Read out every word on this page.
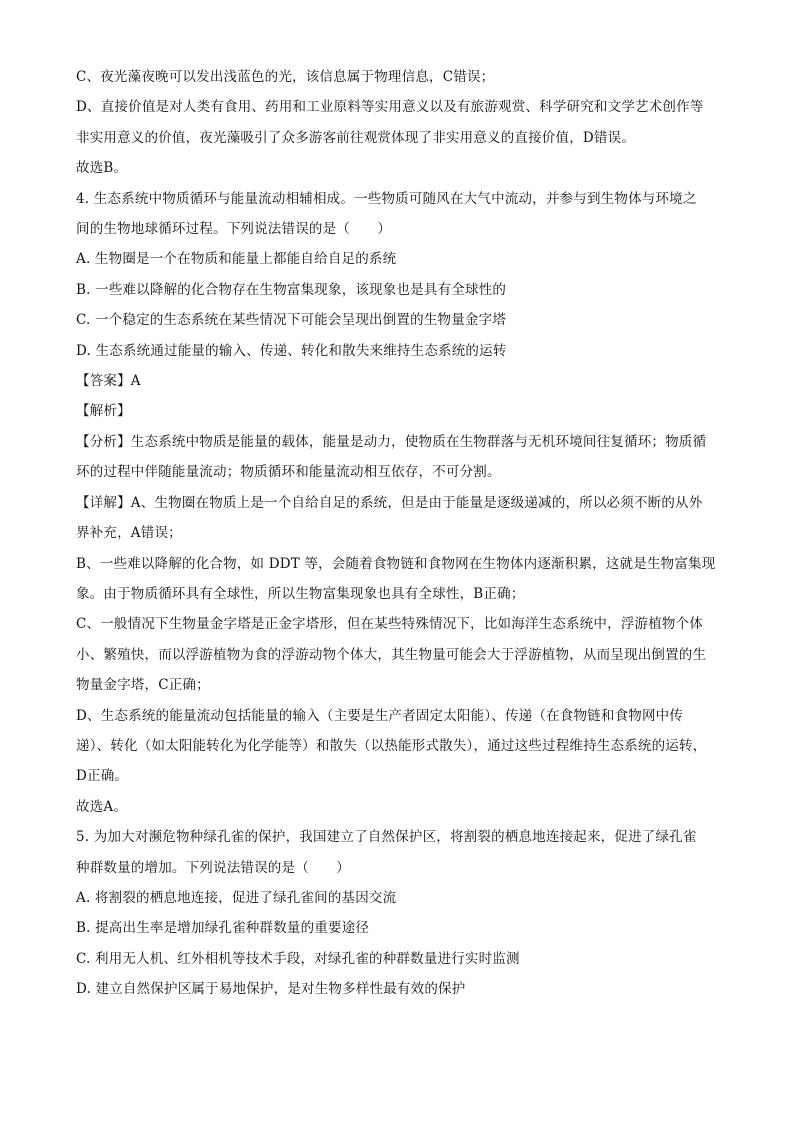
C、夜光藻夜晚可以发出浅蓝色的光，该信息属于物理信息，C错误；
D、直接价值是对人类有食用、药用和工业原料等实用意义以及有旅游观赏、科学研究和文学艺术创作等
非实用意义的价值，夜光藻吸引了众多游客前往观赏体现了非实用意义的直接价值，D错误。
故选B。
4. 生态系统中物质循环与能量流动相辅相成。一些物质可随风在大气中流动，并参与到生物体与环境之
间的生物地球循环过程。下列说法错误的是（　　）
A. 生物圈是一个在物质和能量上都能自给自足的系统
B. 一些难以降解的化合物存在生物富集现象，该现象也是具有全球性的
C. 一个稳定的生态系统在某些情况下可能会呈现出倒置的生物量金字塔
D. 生态系统通过能量的输入、传递、转化和散失来维持生态系统的运转
【答案】A
【解析】
【分析】生态系统中物质是能量的载体，能量是动力，使物质在生物群落与无机环境间往复循环；物质循
环的过程中伴随能量流动；物质循环和能量流动相互依存，不可分割。
【详解】A、生物圈在物质上是一个自给自足的系统，但是由于能量是逐级递减的，所以必须不断的从外
界补充，A错误；
B、一些难以降解的化合物，如 DDT 等，会随着食物链和食物网在生物体内逐渐积累，这就是生物富集现
象。由于物质循环具有全球性，所以生物富集现象也具有全球性，B正确；
C、一般情况下生物量金字塔是正金字塔形，但在某些特殊情况下，比如海洋生态系统中，浮游植物个体
小、繁殖快，而以浮游植物为食的浮游动物个体大，其生物量可能会大于浮游植物，从而呈现出倒置的生
物量金字塔，C正确；
D、生态系统的能量流动包括能量的输入（主要是生产者固定太阳能）、传递（在食物链和食物网中传
递）、转化（如太阳能转化为化学能等）和散失（以热能形式散失），通过这些过程维持生态系统的运转，
D正确。
故选A。
5. 为加大对濒危物种绿孔雀的保护，我国建立了自然保护区，将割裂的栖息地连接起来，促进了绿孔雀
种群数量的增加。下列说法错误的是（　　）
A. 将割裂的栖息地连接，促进了绿孔雀间的基因交流
B. 提高出生率是增加绿孔雀种群数量的重要途径
C. 利用无人机、红外相机等技术手段，对绿孔雀的种群数量进行实时监测
D. 建立自然保护区属于易地保护，是对生物多样性最有效的保护
